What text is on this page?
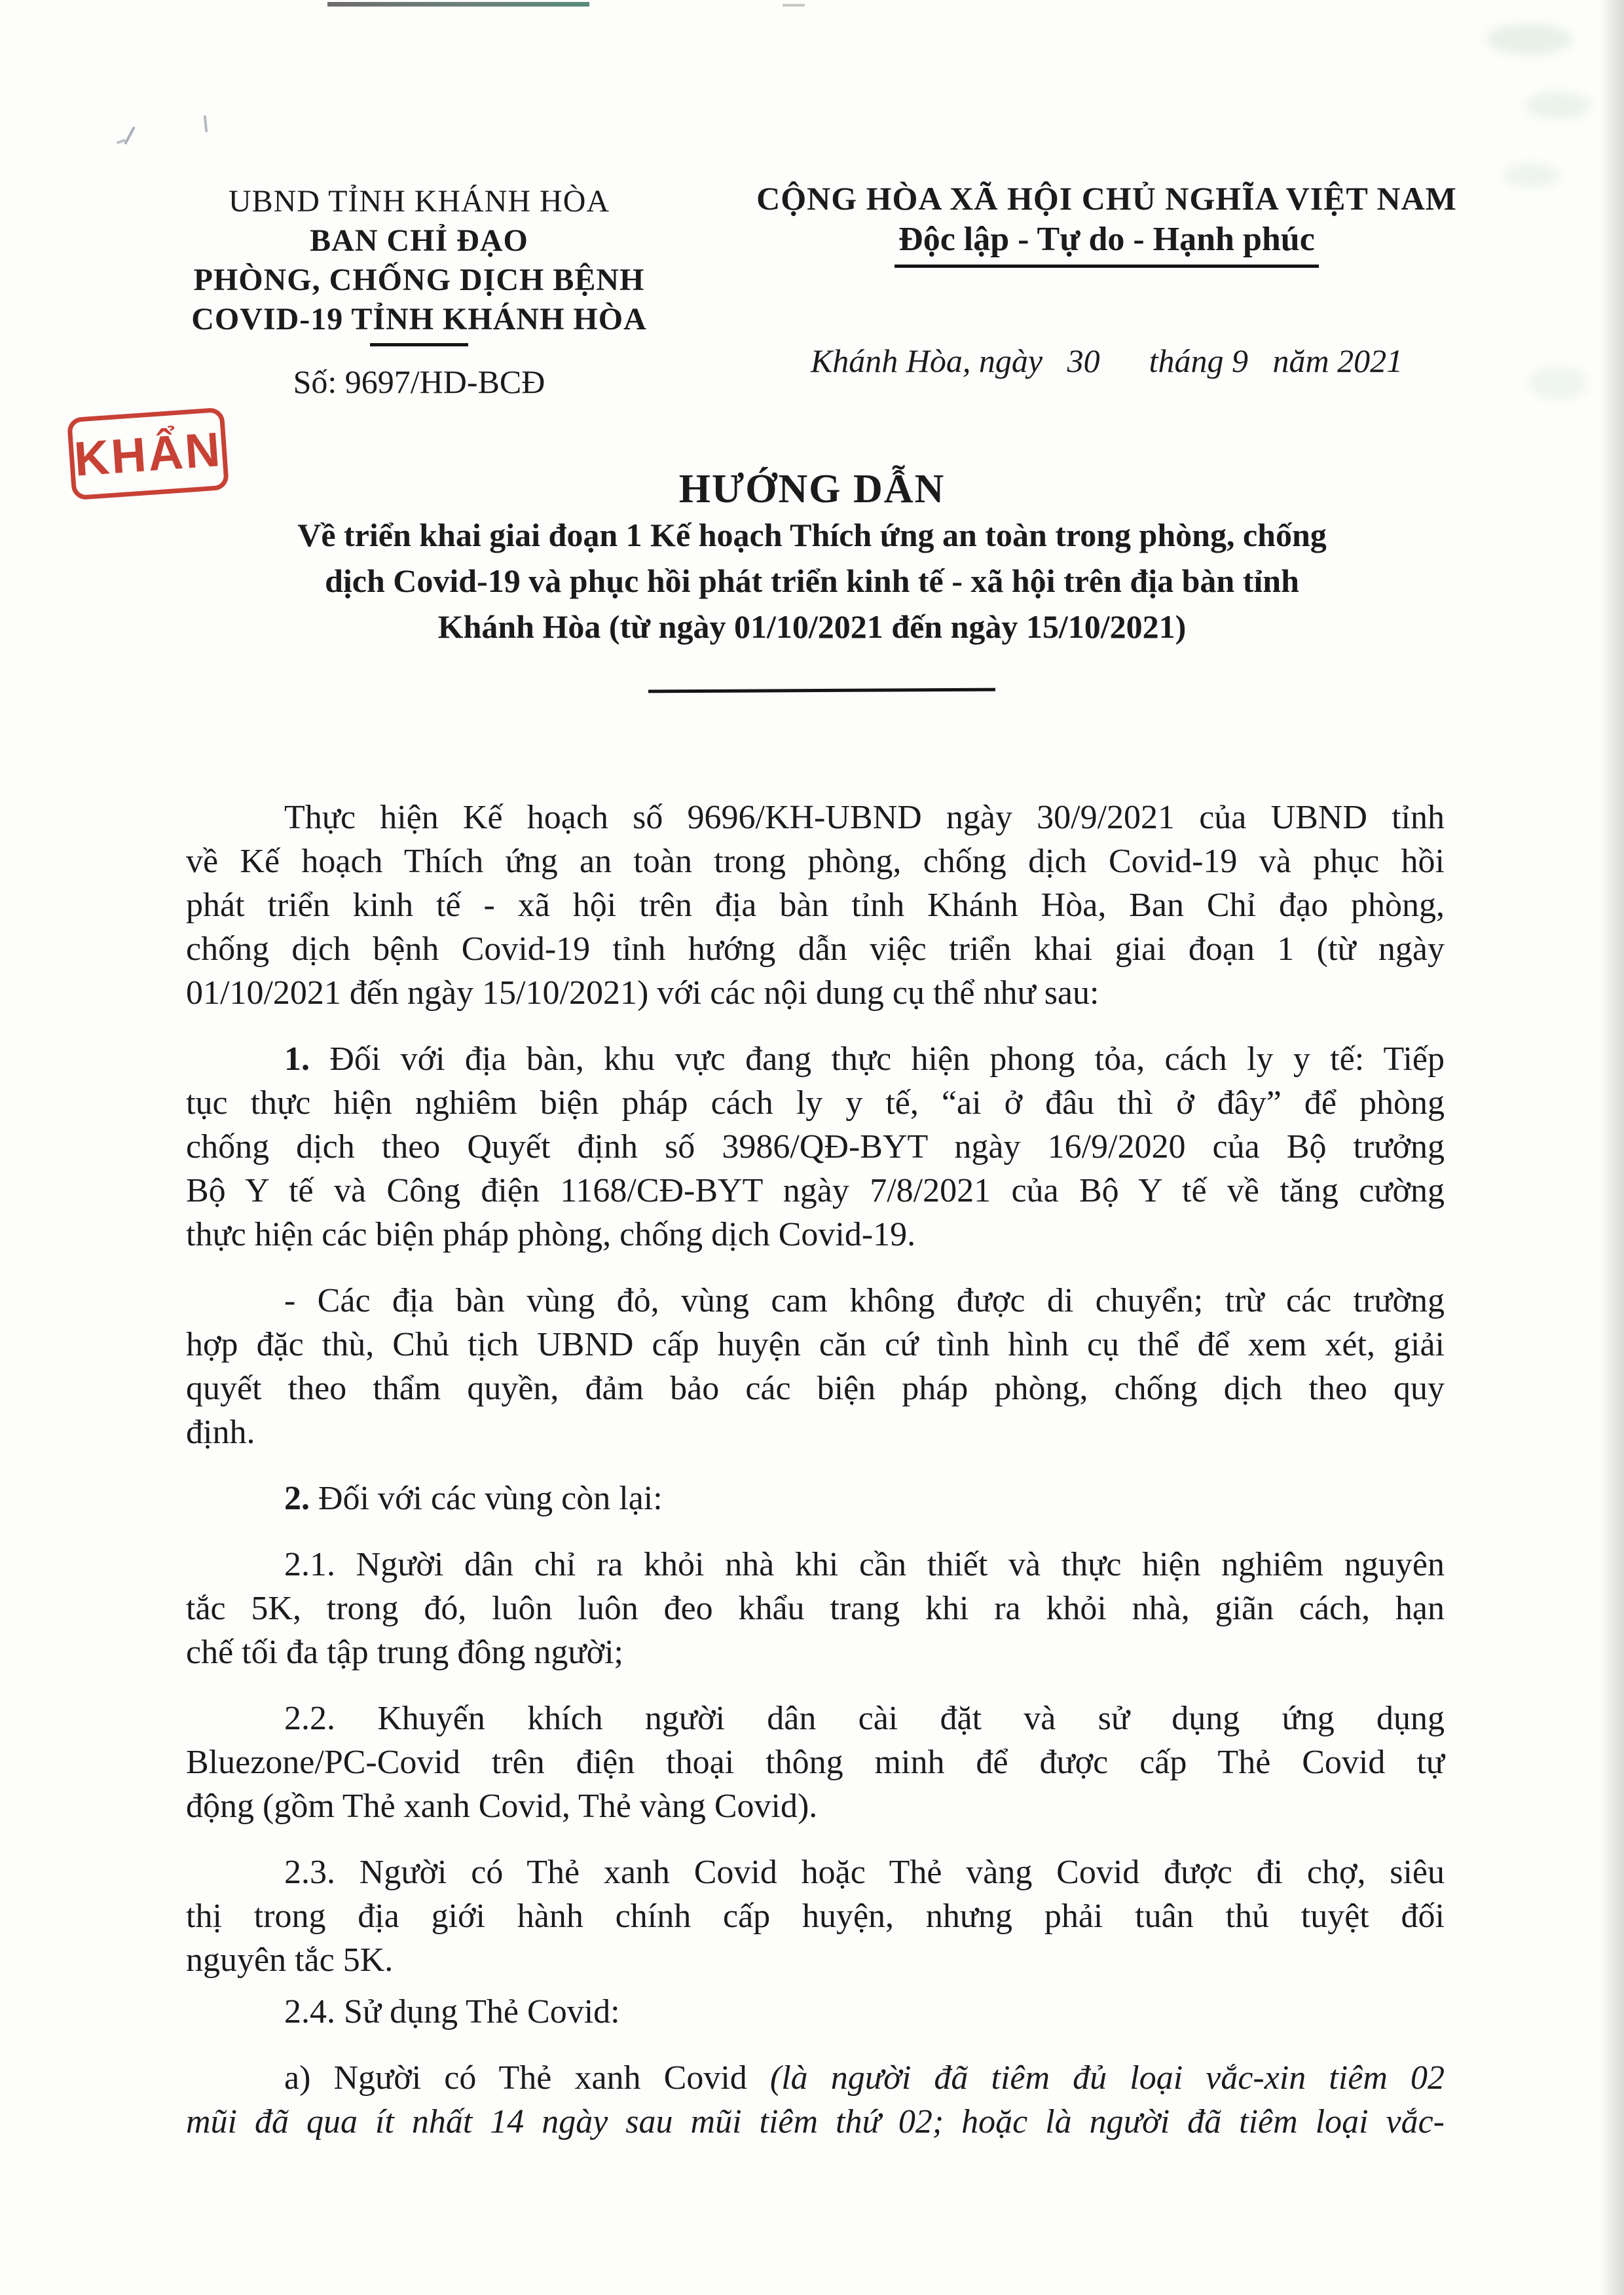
UBND TỈNH KHÁNH HÒA
BAN CHỈ ĐẠO
PHÒNG, CHỐNG DỊCH BỆNH
COVID-19 TỈNH KHÁNH HÒA
Số: 9697/HD-BCĐ
CỘNG HÒA XÃ HỘI CHỦ NGHĨA VIỆT NAM
Độc lập - Tự do - Hạnh phúc
Khánh Hòa, ngày   30      tháng 9   năm 2021
KHẨN
HƯỚNG DẪN
Về triển khai giai đoạn 1 Kế hoạch Thích ứng an toàn trong phòng, chống
dịch Covid-19 và phục hồi phát triển kinh tế - xã hội trên địa bàn tỉnh
Khánh Hòa (từ ngày 01/10/2021 đến ngày 15/10/2021)
Thực hiện Kế hoạch số 9696/KH-UBND ngày 30/9/2021 của UBND tỉnh
về Kế hoạch Thích ứng an toàn trong phòng, chống dịch Covid-19 và phục hồi
phát triển kinh tế - xã hội trên địa bàn tỉnh Khánh Hòa, Ban Chỉ đạo phòng,
chống dịch bệnh Covid-19 tỉnh hướng dẫn việc triển khai giai đoạn 1 (từ ngày
01/10/2021 đến ngày 15/10/2021) với các nội dung cụ thể như sau:
1. Đối với địa bàn, khu vực đang thực hiện phong tỏa, cách ly y tế: Tiếp
tục thực hiện nghiêm biện pháp cách ly y tế, “ai ở đâu thì ở đây” để phòng
chống dịch theo Quyết định số 3986/QĐ-BYT ngày 16/9/2020 của Bộ trưởng
Bộ Y tế và Công điện 1168/CĐ-BYT ngày 7/8/2021 của Bộ Y tế về tăng cường
thực hiện các biện pháp phòng, chống dịch Covid-19.
- Các địa bàn vùng đỏ, vùng cam không được di chuyển; trừ các trường
hợp đặc thù, Chủ tịch UBND cấp huyện căn cứ tình hình cụ thể để xem xét, giải
quyết theo thẩm quyền, đảm bảo các biện pháp phòng, chống dịch theo quy
định.
2. Đối với các vùng còn lại:
2.1. Người dân chỉ ra khỏi nhà khi cần thiết và thực hiện nghiêm nguyên
tắc 5K, trong đó, luôn luôn đeo khẩu trang khi ra khỏi nhà, giãn cách, hạn
chế tối đa tập trung đông người;
2.2. Khuyến khích người dân cài đặt và sử dụng ứng dụng
Bluezone/PC-Covid trên điện thoại thông minh để được cấp Thẻ Covid tự
động (gồm Thẻ xanh Covid, Thẻ vàng Covid).
2.3. Người có Thẻ xanh Covid hoặc Thẻ vàng Covid được đi chợ, siêu
thị trong địa giới hành chính cấp huyện, nhưng phải tuân thủ tuyệt đối
nguyên tắc 5K.
2.4. Sử dụng Thẻ Covid:
a) Người có Thẻ xanh Covid (là người đã tiêm đủ loại vắc-xin tiêm 02
mũi đã qua ít nhất 14 ngày sau mũi tiêm thứ 02; hoặc là người đã tiêm loại vắc-
